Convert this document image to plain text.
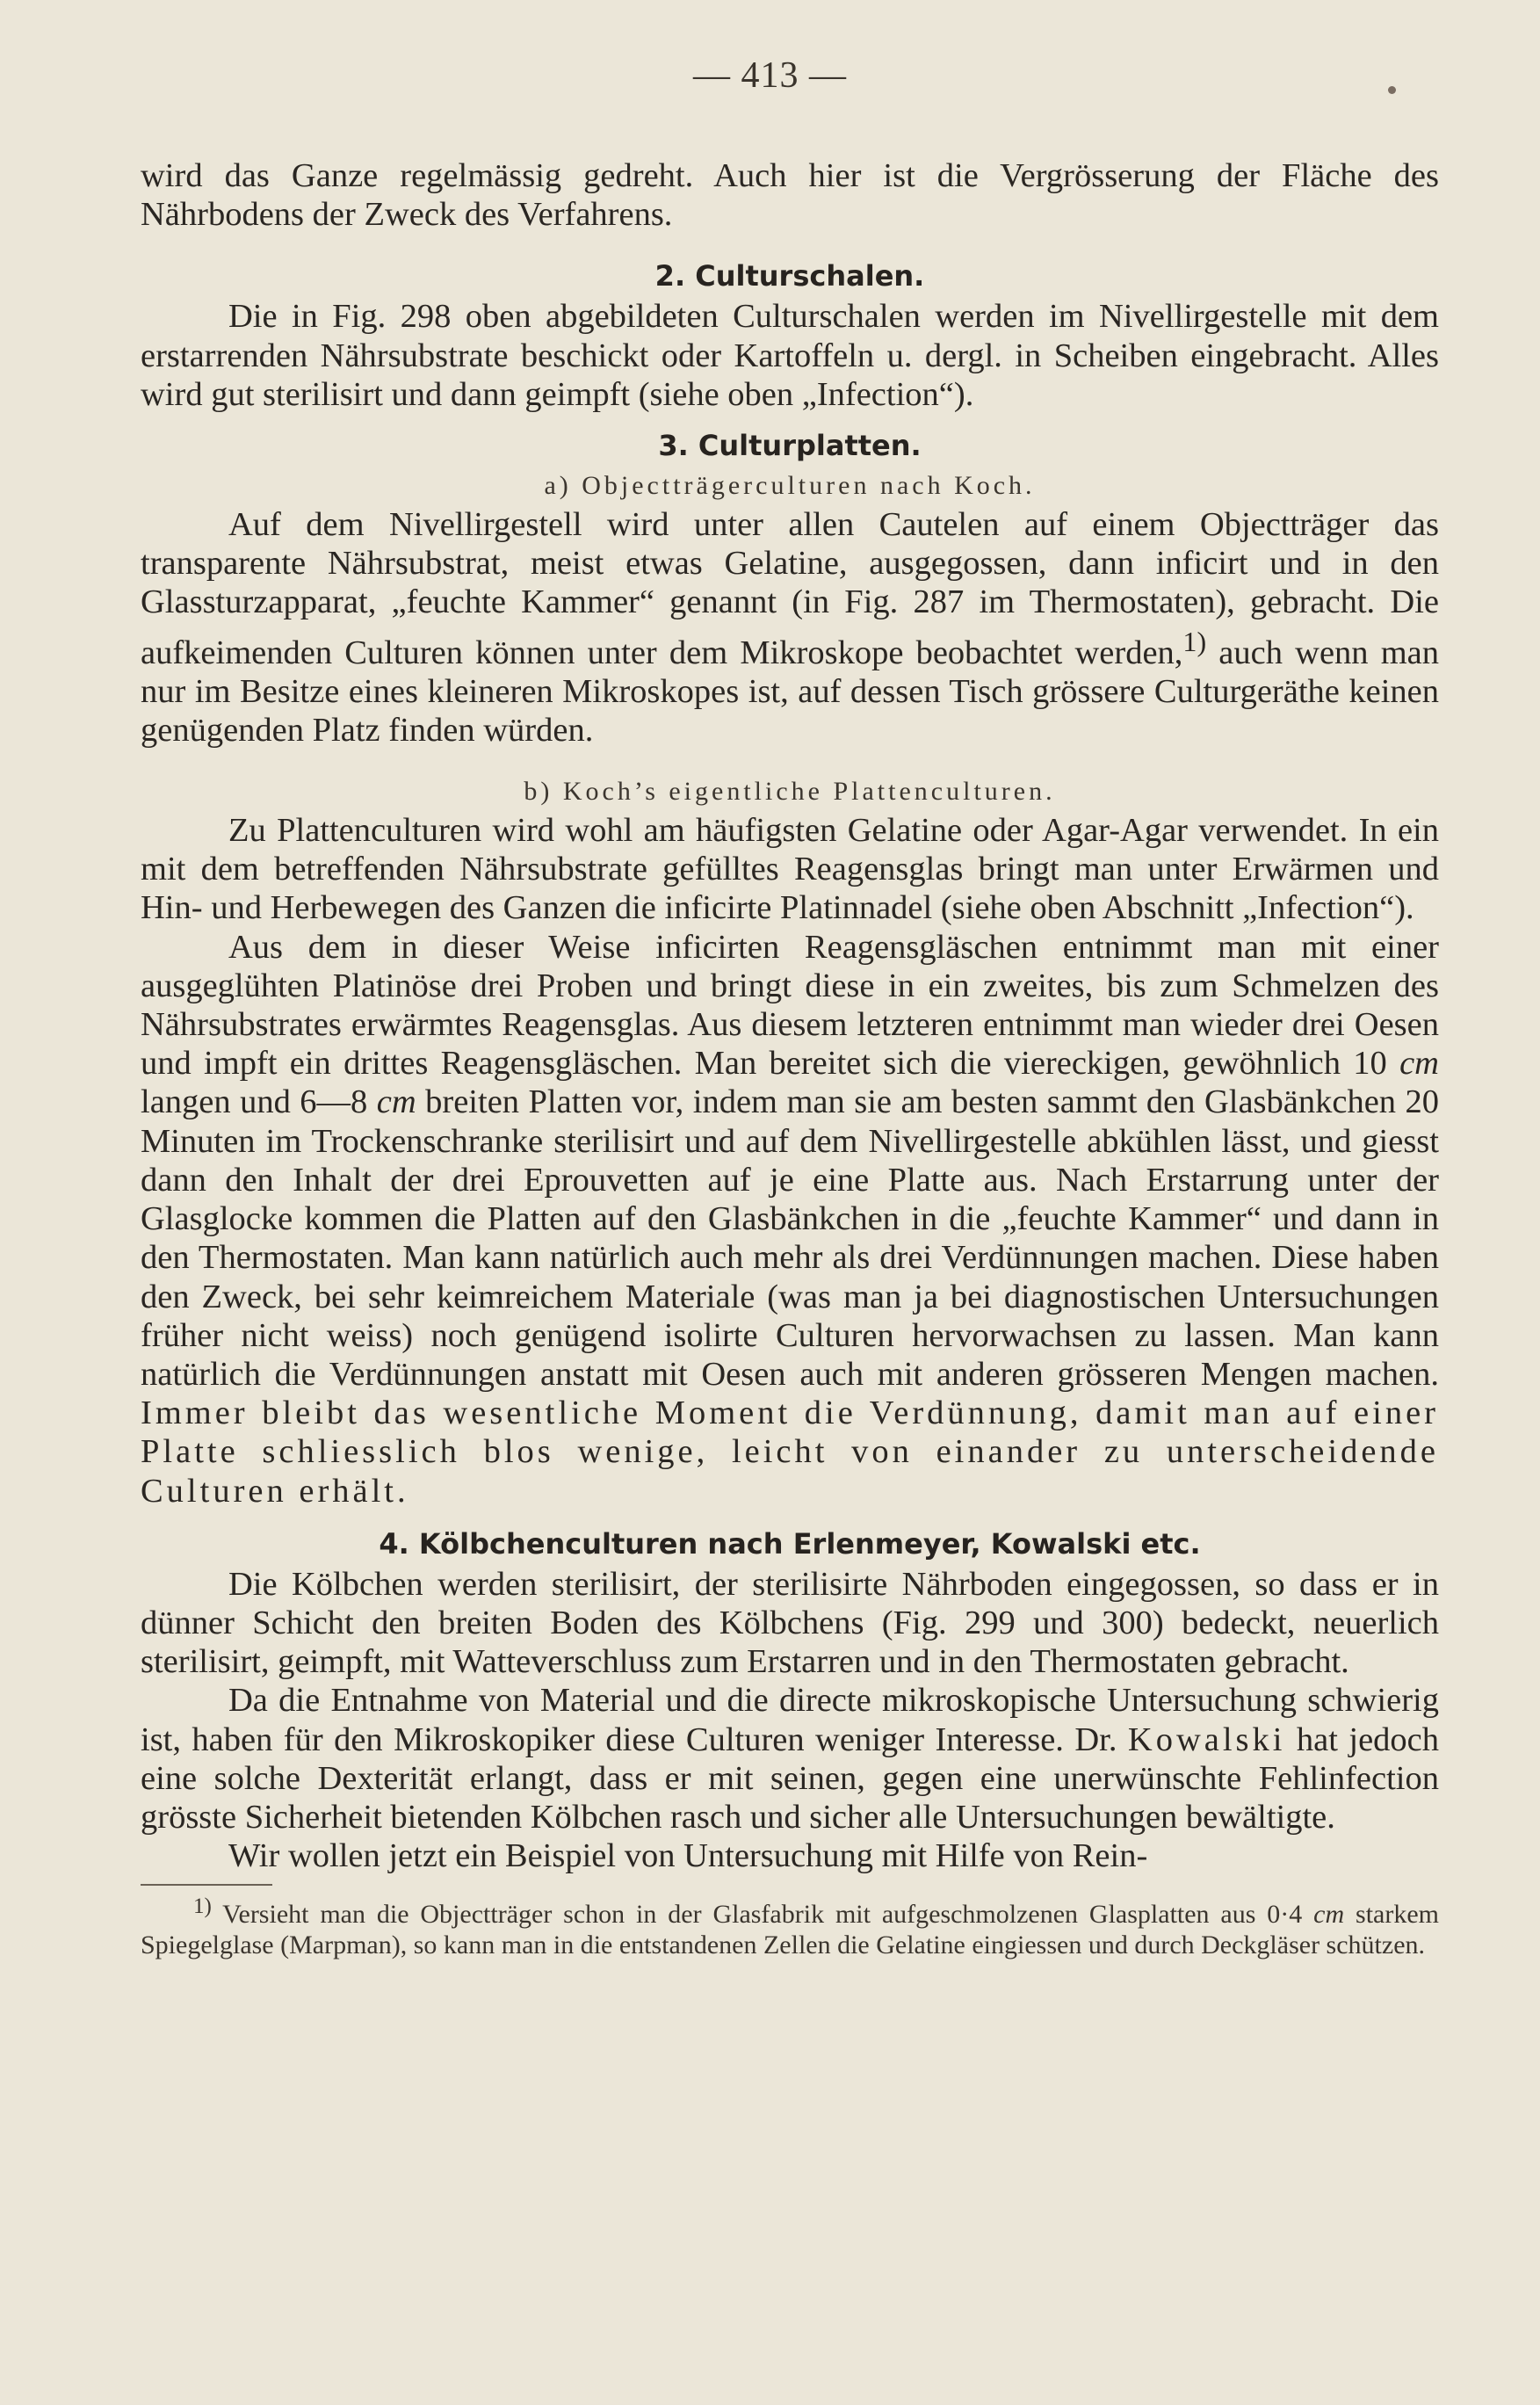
— 413 —

wird das Ganze regelmässig gedreht. Auch hier ist die Vergrösserung der Fläche des Nährbodens der Zweck des Verfahrens.

2. Culturschalen.

Die in Fig. 298 oben abgebildeten Culturschalen werden im Nivellirgestelle mit dem erstarrenden Nährsubstrate beschickt oder Kartoffeln u. dergl. in Scheiben eingebracht. Alles wird gut sterilisirt und dann geimpft (siehe oben „Infection“).

3. Culturplatten.
a) Objectträgerculturen nach Koch.

Auf dem Nivellirgestell wird unter allen Cautelen auf einem Objectträger das transparente Nährsubstrat, meist etwas Gelatine, ausgegossen, dann inficirt und in den Glassturzapparat, „feuchte Kammer“ genannt (in Fig. 287 im Thermostaten), gebracht. Die aufkeimenden Culturen können unter dem Mikroskope beobachtet werden,$^{1)}$ auch wenn man nur im Besitze eines kleineren Mikroskopes ist, auf dessen Tisch grössere Culturgeräthe keinen genügenden Platz finden würden.

b) Koch’s eigentliche Plattenculturen.

Zu Plattenculturen wird wohl am häufigsten Gelatine oder Agar-Agar verwendet. In ein mit dem betreffenden Nährsubstrate gefülltes Reagensglas bringt man unter Erwärmen und Hin- und Herbewegen des Ganzen die inficirte Platinnadel (siehe oben Abschnitt „Infection“).

Aus dem in dieser Weise inficirten Reagensgläschen entnimmt man mit einer ausgeglühten Platinöse drei Proben und bringt diese in ein zweites, bis zum Schmelzen des Nährsubstrates erwärmtes Reagensglas. Aus diesem letzteren entnimmt man wieder drei Oesen und impft ein drittes Reagensgläschen. Man bereitet sich die viereckigen, gewöhnlich 10 cm langen und 6—8 cm breiten Platten vor, indem man sie am besten sammt den Glasbänkchen 20 Minuten im Trockenschranke sterilisirt und auf dem Nivellirgestelle abkühlen lässt, und giesst dann den Inhalt der drei Eprouvetten auf je eine Platte aus. Nach Erstarrung unter der Glasglocke kommen die Platten auf den Glasbänkchen in die „feuchte Kammer“ und dann in den Thermostaten. Man kann natürlich auch mehr als drei Verdünnungen machen. Diese haben den Zweck, bei sehr keimreichem Materiale (was man ja bei diagnostischen Untersuchungen früher nicht weiss) noch genügend isolirte Culturen hervorwachsen zu lassen. Man kann natürlich die Verdünnungen anstatt mit Oesen auch mit anderen grösseren Mengen machen. Immer bleibt das wesentliche Moment die Verdünnung, damit man auf einer Platte schliesslich blos wenige, leicht von einander zu unterscheidende Culturen erhält.

4. Kölbchenculturen nach Erlenmeyer, Kowalski etc.

Die Kölbchen werden sterilisirt, der sterilisirte Nährboden eingegossen, so dass er in dünner Schicht den breiten Boden des Kölbchens (Fig. 299 und 300) bedeckt, neuerlich sterilisirt, geimpft, mit Watteverschluss zum Erstarren und in den Thermostaten gebracht.

Da die Entnahme von Material und die directe mikroskopische Untersuchung schwierig ist, haben für den Mikroskopiker diese Culturen weniger Interesse. Dr. Kowalski hat jedoch eine solche Dexterität erlangt, dass er mit seinen, gegen eine unerwünschte Fehlinfection grösste Sicherheit bietenden Kölbchen rasch und sicher alle Untersuchungen bewältigte.

Wir wollen jetzt ein Beispiel von Untersuchung mit Hilfe von Rein-

$^{1)}$ Versieht man die Objectträger schon in der Glasfabrik mit aufgeschmolzenen Glasplatten aus 0·4 cm starkem Spiegelglase (Marpman), so kann man in die entstandenen Zellen die Gelatine eingiessen und durch Deckgläser schützen.
